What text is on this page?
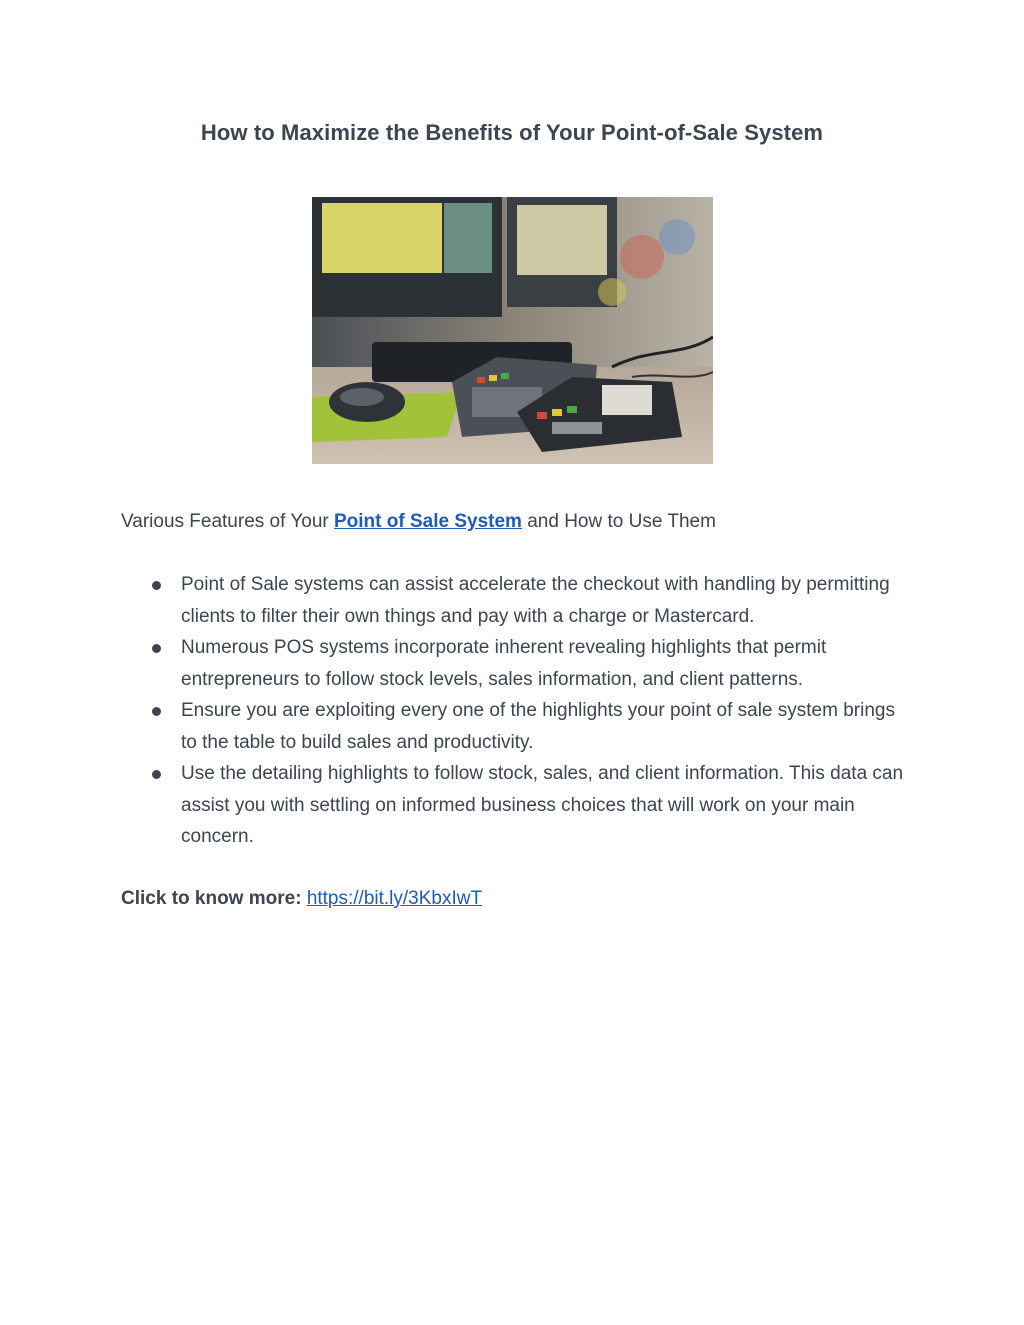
How to Maximize the Benefits of Your Point-of-Sale System

Various Features of Your Point of Sale System and How to Use Them

Point of Sale systems can assist accelerate the checkout with handling by permitting clients to filter their own things and pay with a charge or Mastercard.
Numerous POS systems incorporate inherent revealing highlights that permit entrepreneurs to follow stock levels, sales information, and client patterns.
Ensure you are exploiting every one of the highlights your point of sale system brings to the table to build sales and productivity.
Use the detailing highlights to follow stock, sales, and client information. This data can assist you with settling on informed business choices that will work on your main concern.

Click to know more: https://bit.ly/3KbxIwT
